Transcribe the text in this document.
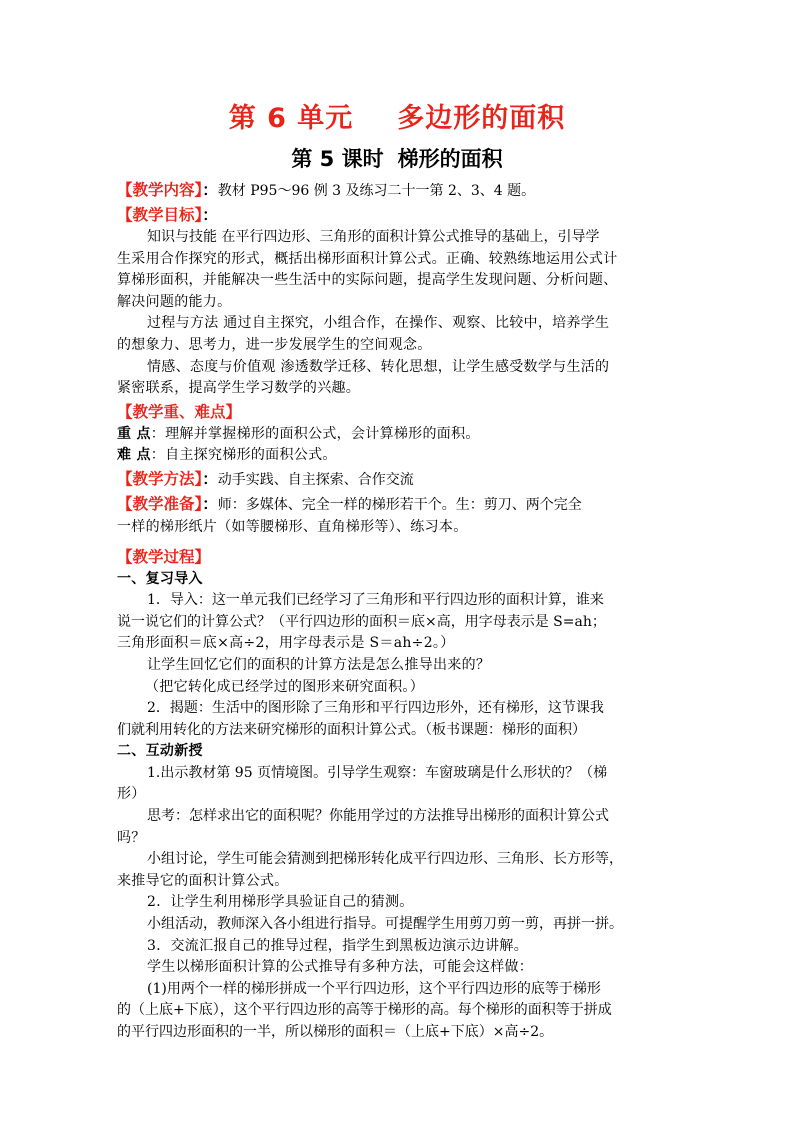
第 6 单元 多边形的面积
第 5 课时 梯形的面积
【教学内容】：教材 P95～96 例 3 及练习二十一第 2、3、4 题。
【教学目标】：
知识与技能 在平行四边形、三角形的面积计算公式推导的基础上，引导学
生采用合作探究的形式，概括出梯形面积计算公式。正确、较熟练地运用公式计
算梯形面积，并能解决一些生活中的实际问题，提高学生发现问题、分析问题、
解决问题的能力。
过程与方法 通过自主探究，小组合作，在操作、观察、比较中，培养学生
的想象力、思考力，进一步发展学生的空间观念。
情感、态度与价值观 渗透数学迁移、转化思想，让学生感受数学与生活的
紧密联系，提高学生学习数学的兴趣。
【教学重、难点】
重 点：理解并掌握梯形的面积公式，会计算梯形的面积。
难 点：自主探究梯形的面积公式。
【教学方法】：动手实践、自主探索、合作交流
【教学准备】：师：多媒体、完全一样的梯形若干个。生：剪刀、两个完全
一样的梯形纸片（如等腰梯形、直角梯形等）、练习本。
【教学过程】
一、复习导入
1．导入：这一单元我们已经学习了三角形和平行四边形的面积计算，谁来
说一说它们的计算公式？（平行四边形的面积＝底×高，用字母表示是 S=ah；
三角形面积＝底×高÷2，用字母表示是 S＝ah÷2。）
让学生回忆它们的面积的计算方法是怎么推导出来的？
（把它转化成已经学过的图形来研究面积。）
2．揭题：生活中的图形除了三角形和平行四边形外，还有梯形，这节课我
们就利用转化的方法来研究梯形的面积计算公式。（板书课题：梯形的面积）
二、互动新授
1.出示教材第 95 页情境图。引导学生观察：车窗玻璃是什么形状的？（梯
形）
思考：怎样求出它的面积呢？你能用学过的方法推导出梯形的面积计算公式
吗？
小组讨论，学生可能会猜测到把梯形转化成平行四边形、三角形、长方形等，
来推导它的面积计算公式。
2．让学生利用梯形学具验证自己的猜测。
小组活动，教师深入各小组进行指导。可提醒学生用剪刀剪一剪，再拼一拼。
3．交流汇报自己的推导过程，指学生到黑板边演示边讲解。
学生以梯形面积计算的公式推导有多种方法，可能会这样做：
(1)用两个一样的梯形拼成一个平行四边形，这个平行四边形的底等于梯形
的（上底+下底），这个平行四边形的高等于梯形的高。每个梯形的面积等于拼成
的平行四边形面积的一半，所以梯形的面积＝（上底+下底）×高÷2。
